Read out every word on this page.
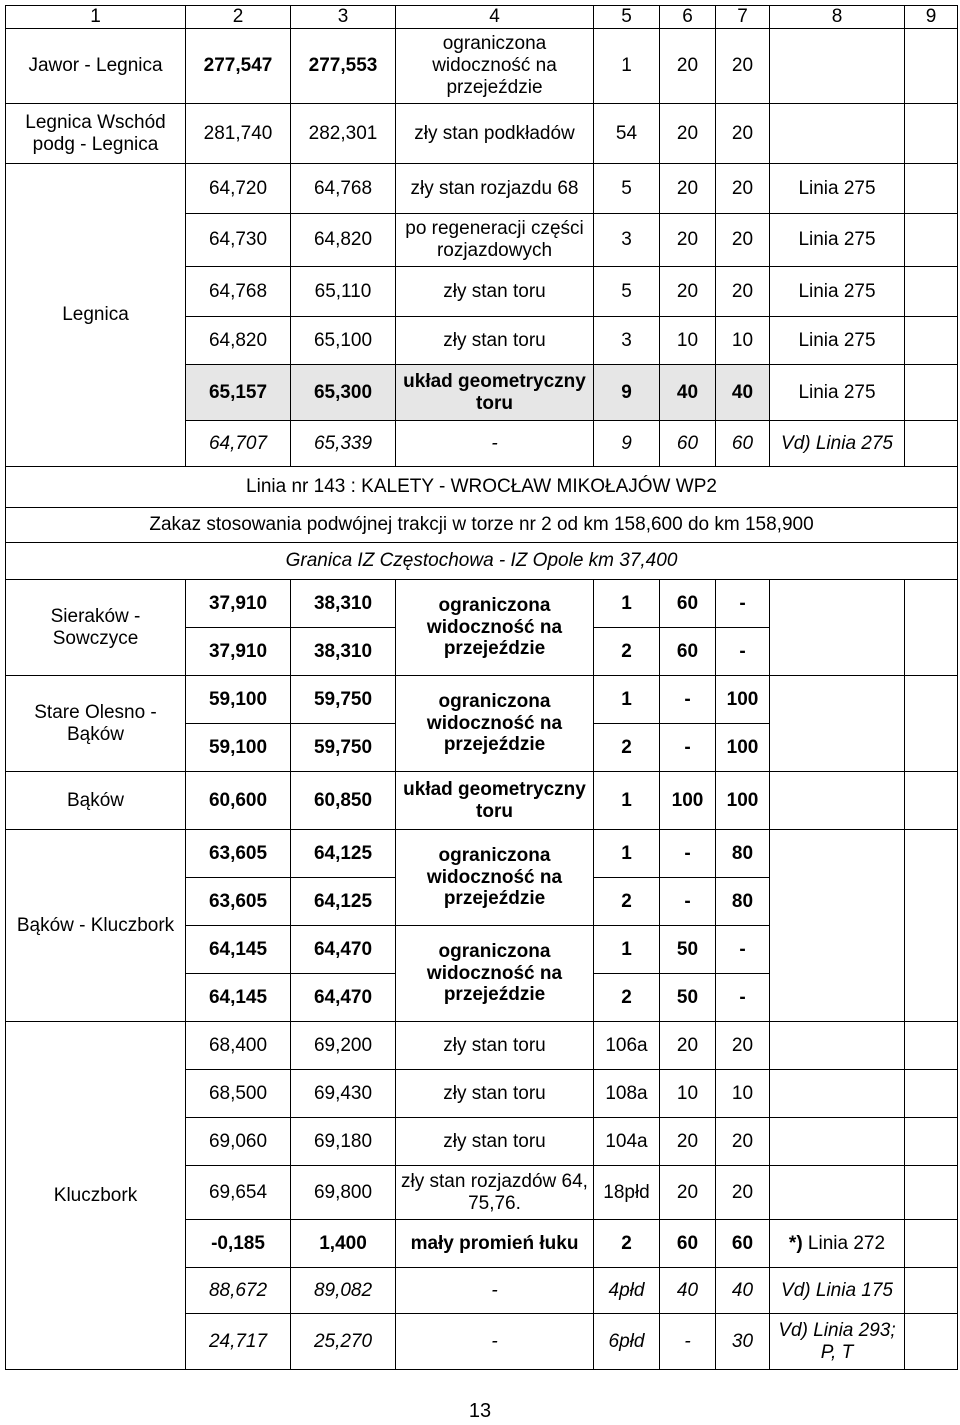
1	2	3	4	5	6	7	8	9
Jawor - Legnica	277,547	277,553	ograniczona widoczność na przejeździe	1	20	20		
Legnica Wschód podg - Legnica	281,740	282,301	zły stan podkładów	54	20	20		
Legnica	64,720	64,768	zły stan rozjazdu 68	5	20	20	Linia 275	
	64,730	64,820	po regeneracji części rozjazdowych	3	20	20	Linia 275	
	64,768	65,110	zły stan toru	5	20	20	Linia 275	
	64,820	65,100	zły stan toru	3	10	10	Linia 275	
	65,157	65,300	układ geometryczny toru	9	40	40	Linia 275	
	64,707	65,339	-	9	60	60	Vd) Linia 275	
Linia nr 143 : KALETY - WROCŁAW MIKOŁAJÓW WP2								
Zakaz stosowania podwójnej trakcji w torze nr 2 od km 158,600 do km 158,900								
Granica IZ Częstochowa - IZ Opole km 37,400								
Sieraków - Sowczyce	37,910	38,310	ograniczona widoczność na przejeździe	1	60	-		
	37,910	38,310		2	60	-		
Stare Olesno - Bąków	59,100	59,750	ograniczona widoczność na przejeździe	1	-	100		
	59,100	59,750		2	-	100		
Bąków	60,600	60,850	układ geometryczny toru	1	100	100		
Bąków - Kluczbork	63,605	64,125	ograniczona widoczność na przejeździe	1	-	80		
	63,605	64,125		2	-	80		
	64,145	64,470	ograniczona widoczność na przejeździe	1	50	-		
	64,145	64,470		2	50	-		
Kluczbork	68,400	69,200	zły stan toru	106a	20	20		
	68,500	69,430	zły stan toru	108a	10	10		
	69,060	69,180	zły stan toru	104a	20	20		
	69,654	69,800	zły stan rozjazdów 64, 75,76.	18płd	20	20		
	-0,185	1,400	mały promień łuku	2	60	60	*) Linia 272	
	88,672	89,082	-	4płd	40	40	Vd) Linia 175	
	24,717	25,270	-	6płd	-	30	Vd) Linia 293; P, T	
13
